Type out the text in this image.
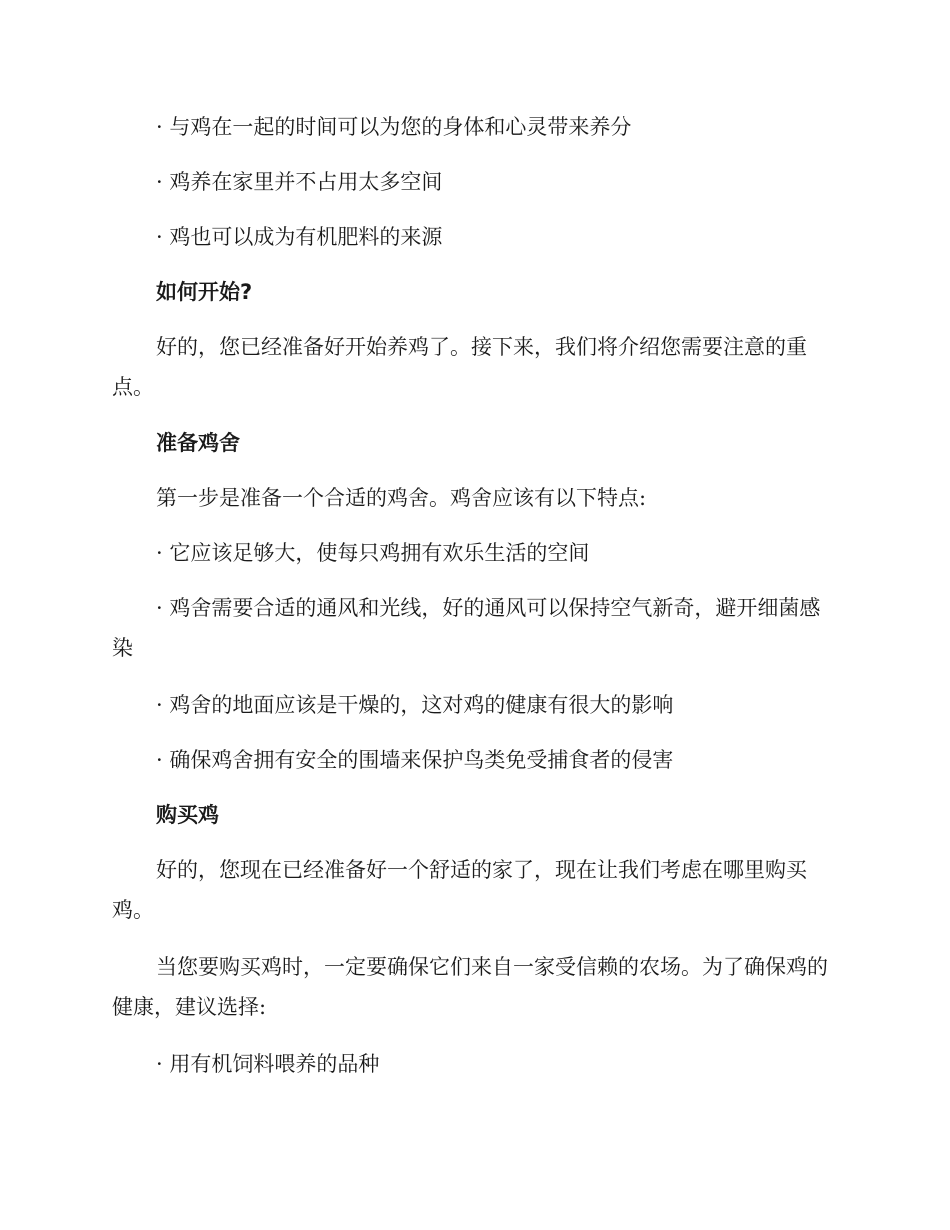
· 与鸡在一起的时间可以为您的身体和心灵带来养分

· 鸡养在家里并不占用太多空间

· 鸡也可以成为有机肥料的来源

如何开始?

好的，您已经准备好开始养鸡了。接下来，我们将介绍您需要注意的重点。

准备鸡舍

第一步是准备一个合适的鸡舍。鸡舍应该有以下特点:

· 它应该足够大，使每只鸡拥有欢乐生活的空间

· 鸡舍需要合适的通风和光线，好的通风可以保持空气新奇，避开细菌感染

· 鸡舍的地面应该是干燥的，这对鸡的健康有很大的影响

· 确保鸡舍拥有安全的围墙来保护鸟类免受捕食者的侵害

购买鸡

好的，您现在已经准备好一个舒适的家了，现在让我们考虑在哪里购买鸡。

当您要购买鸡时，一定要确保它们来自一家受信赖的农场。为了确保鸡的健康，建议选择:

· 用有机饲料喂养的品种
